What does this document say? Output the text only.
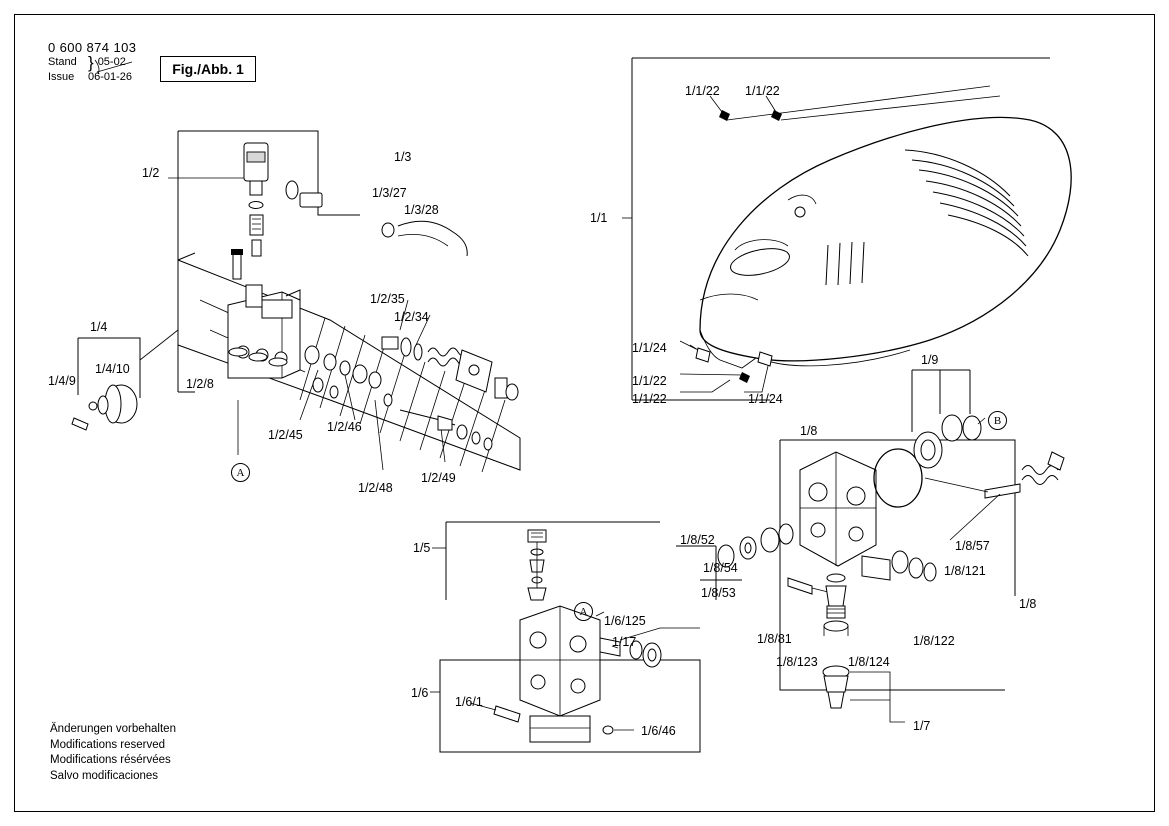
0 600 874 103
Stand } 05-02
Issue	06-01-26	Fig./Abb. 1
Änderungen vorbehalten
Modifications reserved
Modifications résérvées
Salvo modificaciones
1/2
1/3
1/3/27
1/3/28
1/4
1/4/10
1/4/9	1/2/8
1/2/35
1/2/34
1/2/45
1/2/46
1/2/48
1/2/49
1/1/22 1/1/22
1/1
1/1/24
1/1/22
1/1/22	1/1/24
1/9
1/8
1/8/52
1/8/54
1/8/53
1/8/57
1/8/121
1/8
1/8/122
1/8/81
1/8/123 1/8/124
1/7
1/5
1/6/125
1/17
1/6
1/6/1
1/6/46
A
A
B
